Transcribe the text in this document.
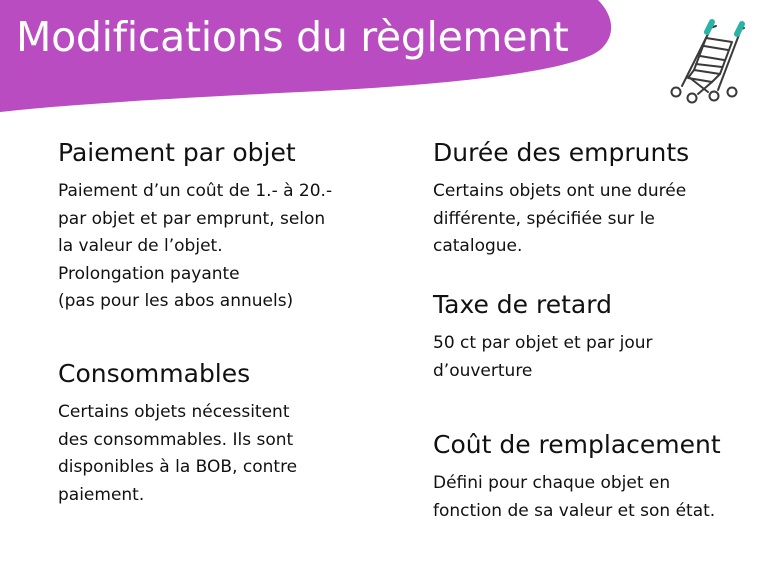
Modifications du règlement
Paiement par objet

Paiement d’un coût de 1.- à 20.-
par objet et par emprunt, selon
la valeur de l’objet.
Prolongation payante
(pas pour les abos annuels)

Consommables

Certains objets nécessitent
des consommables. Ils sont
disponibles à la BOB, contre
paiement.

Durée des emprunts

Certains objets ont une durée
différente, spécifiée sur le
catalogue.

Taxe de retard

50 ct par objet et par jour
d’ouverture

Coût de remplacement

Défini pour chaque objet en
fonction de sa valeur et son état.
